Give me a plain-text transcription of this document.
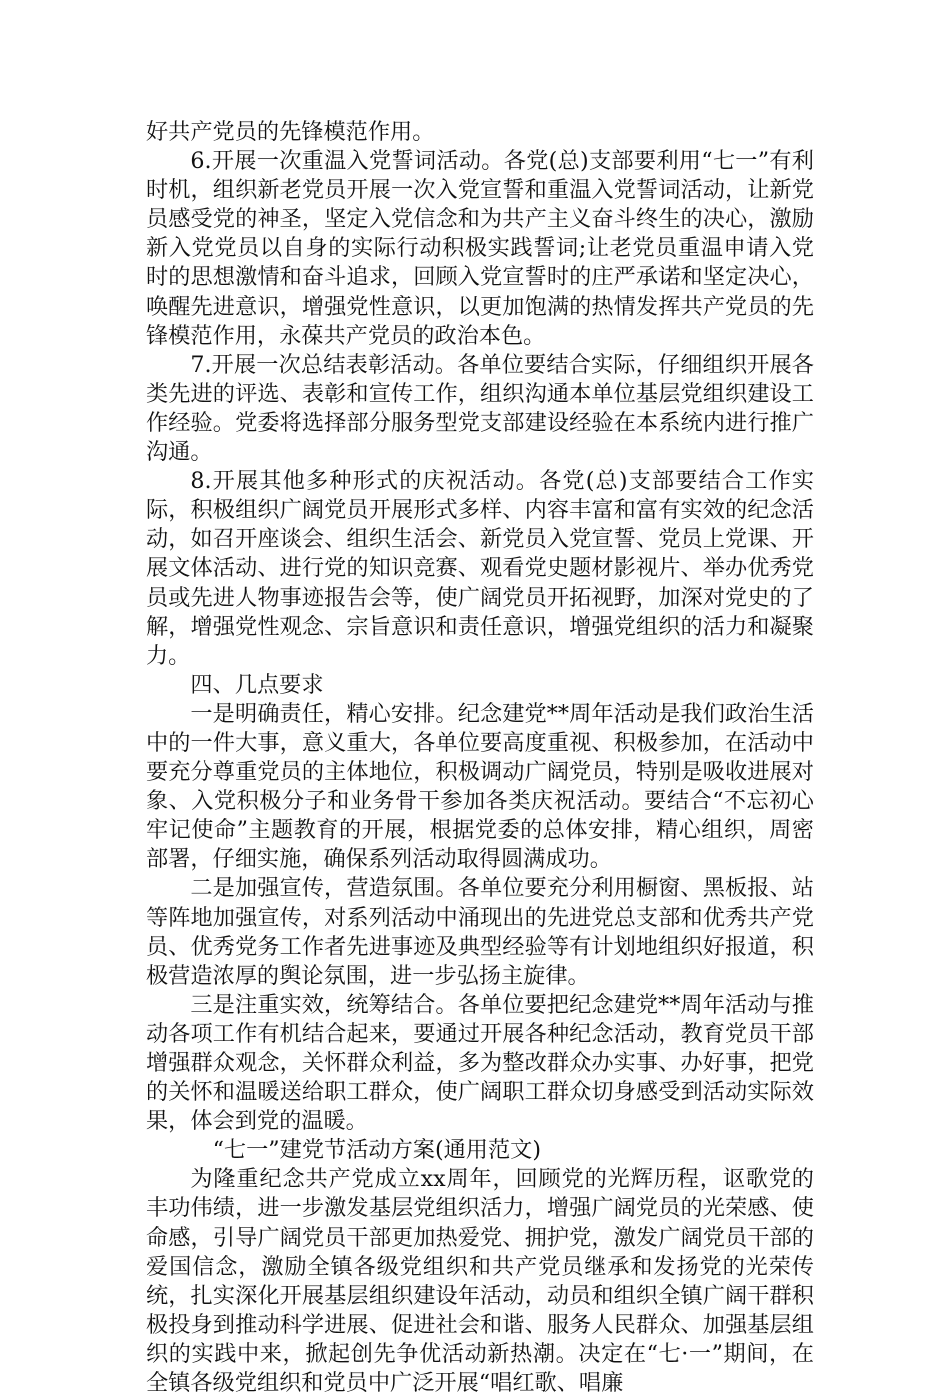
好共产党员的先锋模范作用。

6.开展一次重温入党誓词活动。各党(总)支部要利用“七一”有利时机，组织新老党员开展一次入党宣誓和重温入党誓词活动，让新党员感受党的神圣，坚定入党信念和为共产主义奋斗终生的决心，激励新入党党员以自身的实际行动积极实践誓词;让老党员重温申请入党时的思想激情和奋斗追求，回顾入党宣誓时的庄严承诺和坚定决心，唤醒先进意识，增强党性意识，以更加饱满的热情发挥共产党员的先锋模范作用，永葆共产党员的政治本色。

7.开展一次总结表彰活动。各单位要结合实际，仔细组织开展各类先进的评选、表彰和宣传工作，组织沟通本单位基层党组织建设工作经验。党委将选择部分服务型党支部建设经验在本系统内进行推广沟通。

8.开展其他多种形式的庆祝活动。各党(总)支部要结合工作实际，积极组织广阔党员开展形式多样、内容丰富和富有实效的纪念活动，如召开座谈会、组织生活会、新党员入党宣誓、党员上党课、开展文体活动、进行党的知识竞赛、观看党史题材影视片、举办优秀党员或先进人物事迹报告会等，使广阔党员开拓视野，加深对党史的了解，增强党性观念、宗旨意识和责任意识，增强党组织的活力和凝聚力。

四、几点要求

一是明确责任，精心安排。纪念建党**周年活动是我们政治生活中的一件大事，意义重大，各单位要高度重视、积极参加，在活动中要充分尊重党员的主体地位，积极调动广阔党员，特别是吸收进展对象、入党积极分子和业务骨干参加各类庆祝活动。要结合“不忘初心牢记使命”主题教育的开展，根据党委的总体安排，精心组织，周密部署，仔细实施，确保系列活动取得圆满成功。

二是加强宣传，营造氛围。各单位要充分利用橱窗、黑板报、站等阵地加强宣传，对系列活动中涌现出的先进党总支部和优秀共产党员、优秀党务工作者先进事迹及典型经验等有计划地组织好报道，积极营造浓厚的舆论氛围，进一步弘扬主旋律。

三是注重实效，统筹结合。各单位要把纪念建党**周年活动与推动各项工作有机结合起来，要通过开展各种纪念活动，教育党员干部增强群众观念，关怀群众利益，多为整改群众办实事、办好事，把党的关怀和温暖送给职工群众，使广阔职工群众切身感受到活动实际效果，体会到党的温暖。

“七一”建党节活动方案(通用范文)

为隆重纪念共产党成立xx周年，回顾党的光辉历程，讴歌党的丰功伟绩，进一步激发基层党组织活力，增强广阔党员的光荣感、使命感，引导广阔党员干部更加热爱党、拥护党，激发广阔党员干部的爱国信念，激励全镇各级党组织和共产党员继承和发扬党的光荣传统，扎实深化开展基层组织建设年活动，动员和组织全镇广阔干群积极投身到推动科学进展、促进社会和谐、服务人民群众、加强基层组织的实践中来，掀起创先争优活动新热潮。决定在“七·一”期间，在全镇各级党组织和党员中广泛开展“唱红歌、唱廉
